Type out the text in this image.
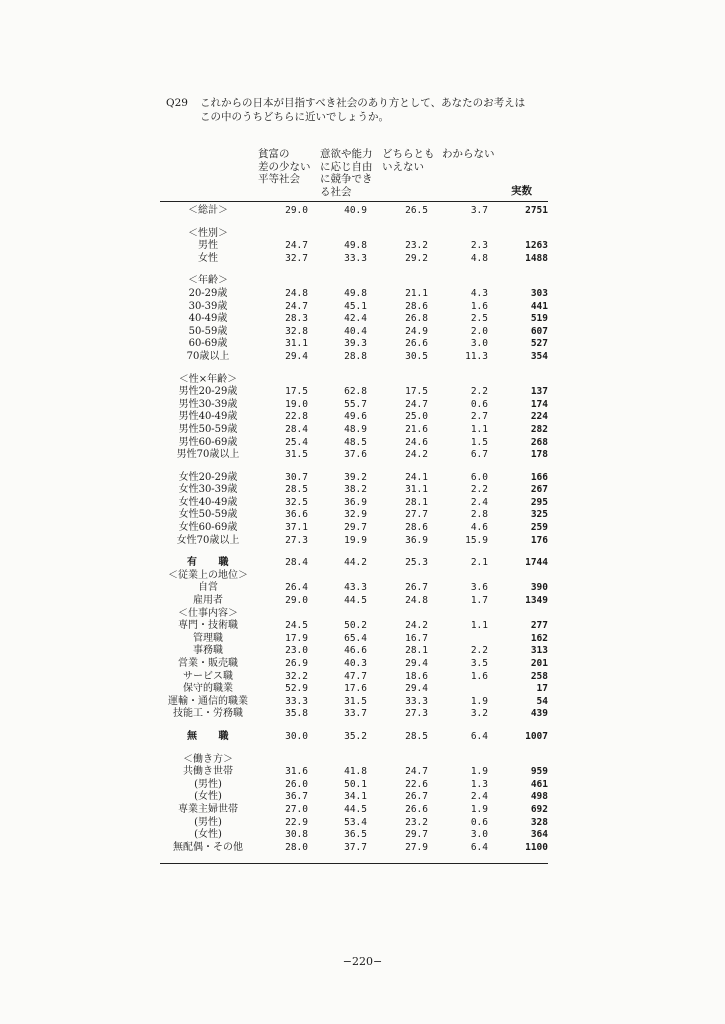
Q29	これからの日本が目指すべき社会のあり方として、あなたのお考えは
この中のうちどちらに近いでしょうか。
貧富の
差の少ない
平等社会
意欲や能力
に応じ自由
に競争でき
る社会
どちらとも
いえない
わからない
実数
＜総計＞	29.0	40.9	26.5	3.7	2751

＜性別＞					
男性	24.7	49.8	23.2	2.3	1263
女性	32.7	33.3	29.2	4.8	1488

＜年齢＞					
20-29歳	24.8	49.8	21.1	4.3	303
30-39歳	24.7	45.1	28.6	1.6	441
40-49歳	28.3	42.4	26.8	2.5	519
50-59歳	32.8	40.4	24.9	2.0	607
60-69歳	31.1	39.3	26.6	3.0	527
70歳以上	29.4	28.8	30.5	11.3	354

＜性×年齢＞					
男性20-29歳	17.5	62.8	17.5	2.2	137
男性30-39歳	19.0	55.7	24.7	0.6	174
男性40-49歳	22.8	49.6	25.0	2.7	224
男性50-59歳	28.4	48.9	21.6	1.1	282
男性60-69歳	25.4	48.5	24.6	1.5	268
男性70歳以上	31.5	37.6	24.2	6.7	178

女性20-29歳	30.7	39.2	24.1	6.0	166
女性30-39歳	28.5	38.2	31.1	2.2	267
女性40-49歳	32.5	36.9	28.1	2.4	295
女性50-59歳	36.6	32.9	27.7	2.8	325
女性60-69歳	37.1	29.7	28.6	4.6	259
女性70歳以上	27.3	19.9	36.9	15.9	176

有　　職	28.4	44.2	25.3	2.1	1744
＜従業上の地位＞					
自営	26.4	43.3	26.7	3.6	390
雇用者	29.0	44.5	24.8	1.7	1349
＜仕事内容＞					
専門・技術職	24.5	50.2	24.2	1.1	277
管理職	17.9	65.4	16.7		162
事務職	23.0	46.6	28.1	2.2	313
営業・販売職	26.9	40.3	29.4	3.5	201
サービス職	32.2	47.7	18.6	1.6	258
保守的職業	52.9	17.6	29.4		17
運輸・通信的職業	33.3	31.5	33.3	1.9	54
技能工・労務職	35.8	33.7	27.3	3.2	439

無　　職	30.0	35.2	28.5	6.4	1007

＜働き方＞					
共働き世帯	31.6	41.8	24.7	1.9	959
(男性)	26.0	50.1	22.6	1.3	461
(女性)	36.7	34.1	26.7	2.4	498
専業主婦世帯	27.0	44.5	26.6	1.9	692
(男性)	22.9	53.4	23.2	0.6	328
(女性)	30.8	36.5	29.7	3.0	364
無配偶・その他	28.0	37.7	27.9	6.4	1100
−220−
